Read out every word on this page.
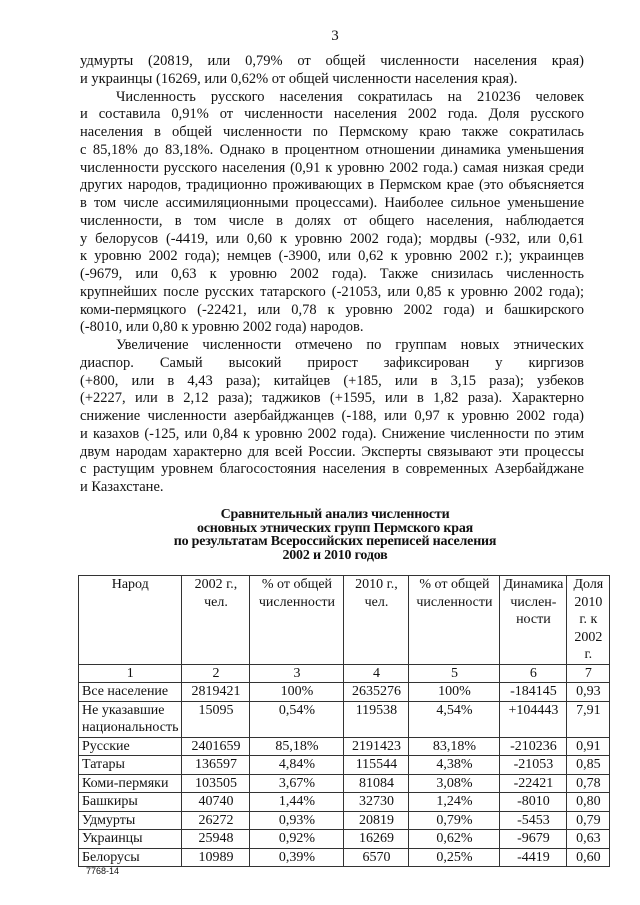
3
удмурты (20819, или 0,79% от общей численности населения края)
и украинцы (16269, или 0,62% от общей численности населения края).
Численность русского населения сократилась на 210236 человек
и составила 0,91% от численности населения 2002 года. Доля русского
населения в общей численности по Пермскому краю также сократилась
с 85,18% до 83,18%. Однако в процентном отношении динамика уменьшения
численности русского населения (0,91 к уровню 2002 года.) самая низкая среди
других народов, традиционно проживающих в Пермском крае (это объясняется
в том числе ассимиляционными процессами). Наиболее сильное уменьшение
численности, в том числе в долях от общего населения, наблюдается
у белорусов (-4419, или 0,60 к уровню 2002 года); мордвы (-932, или 0,61
к уровню 2002 года); немцев (-3900, или 0,62 к уровню 2002 г.); украинцев
(-9679, или 0,63 к уровню 2002 года). Также снизилась численность
крупнейших после русских татарского (-21053, или 0,85 к уровню 2002 года);
коми-пермяцкого (-22421, или 0,78 к уровню 2002 года) и башкирского
(-8010, или 0,80 к уровню 2002 года) народов.
Увеличение численности отмечено по группам новых этнических
диаспор. Самый высокий прирост зафиксирован у киргизов
(+800, или в 4,43 раза); китайцев (+185, или в 3,15 раза); узбеков
(+2227, или в 2,12 раза); таджиков (+1595, или в 1,82 раза). Характерно
снижение численности азербайджанцев (-188, или 0,97 к уровню 2002 года)
и казахов (-125, или 0,84 к уровню 2002 года). Снижение численности по этим
двум народам характерно для всей России. Эксперты связывают эти процессы
с растущим уровнем благосостояния населения в современных Азербайджане
и Казахстане.
Сравнительный анализ численности
основных этнических групп Пермского края
по результатам Всероссийских переписей населения
2002 и 2010 годов
Народ	2002 г., чел.	% от общей численности	2010 г., чел.	% от общей численности	Динамика числен-ности	Доля 2010 г. к 2002 г.
1	2	3	4	5	6	7
Все население	2819421	100%	2635276	100%	-184145	0,93
Не указавшие национальность	15095	0,54%	119538	4,54%	+104443	7,91
Русские	2401659	85,18%	2191423	83,18%	-210236	0,91
Татары	136597	4,84%	115544	4,38%	-21053	0,85
Коми-пермяки	103505	3,67%	81084	3,08%	-22421	0,78
Башкиры	40740	1,44%	32730	1,24%	-8010	0,80
Удмурты	26272	0,93%	20819	0,79%	-5453	0,79
Украинцы	25948	0,92%	16269	0,62%	-9679	0,63
Белорусы	10989	0,39%	6570	0,25%	-4419	0,60
7768-14
